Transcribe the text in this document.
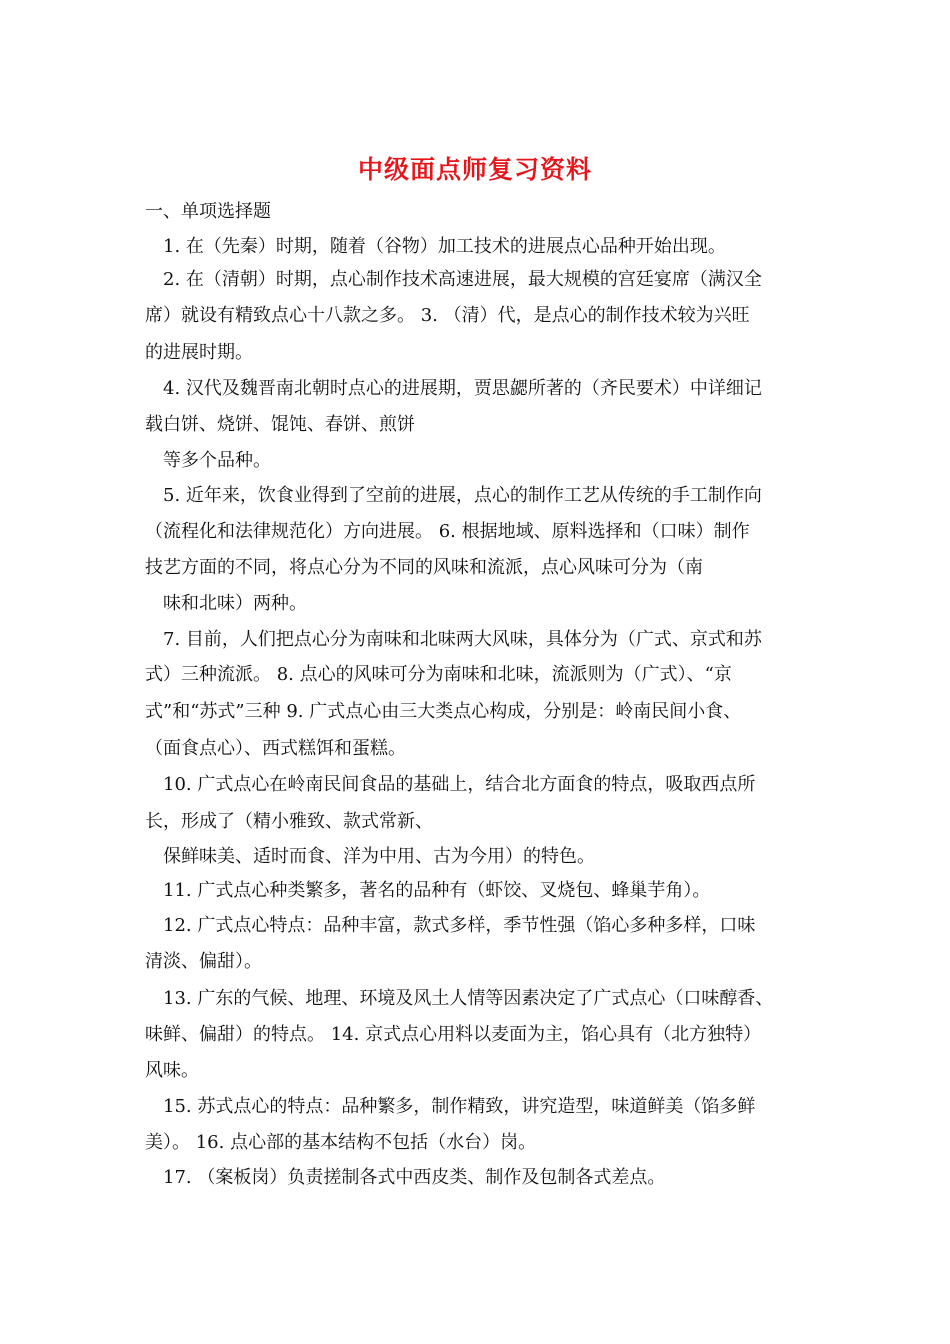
中级面点师复习资料
一、单项选择题
1. 在（先秦）时期，随着（谷物）加工技术的进展点心品种开始出现。
2. 在（清朝）时期，点心制作技术高速进展，最大规模的宫廷宴席（满汉全
席）就设有精致点心十八款之多。 3. （清）代，是点心的制作技术较为兴旺
的进展时期。
4. 汉代及魏晋南北朝时点心的进展期，贾思勰所著的（齐民要术）中详细记
载白饼、烧饼、馄饨、春饼、煎饼
等多个品种。
5. 近年来，饮食业得到了空前的进展，点心的制作工艺从传统的手工制作向
（流程化和法律规范化）方向进展。 6. 根据地域、原料选择和（口味）制作
技艺方面的不同，将点心分为不同的风味和流派，点心风味可分为（南
味和北味）两种。
7. 目前，人们把点心分为南味和北味两大风味，具体分为（广式、京式和苏
式）三种流派。 8. 点心的风味可分为南味和北味，流派则为（广式）、“京
式”和“苏式”三种 9. 广式点心由三大类点心构成，分别是：岭南民间小食、
（面食点心）、西式糕饵和蛋糕。
10. 广式点心在岭南民间食品的基础上，结合北方面食的特点，吸取西点所
长，形成了（精小雅致、款式常新、
保鲜味美、适时而食、洋为中用、古为今用）的特色。
11. 广式点心种类繁多，著名的品种有（虾饺、叉烧包、蜂巢芋角）。
12. 广式点心特点：品种丰富，款式多样，季节性强（馅心多种多样，口味
清淡、偏甜）。
13. 广东的气候、地理、环境及风土人情等因素决定了广式点心（口味醇香、
味鲜、偏甜）的特点。 14. 京式点心用料以麦面为主，馅心具有（北方独特）
风味。
15. 苏式点心的特点：品种繁多，制作精致，讲究造型，味道鲜美（馅多鲜
美）。 16. 点心部的基本结构不包括（水台）岗。
17. （案板岗）负责搓制各式中西皮类、制作及包制各式差点。
